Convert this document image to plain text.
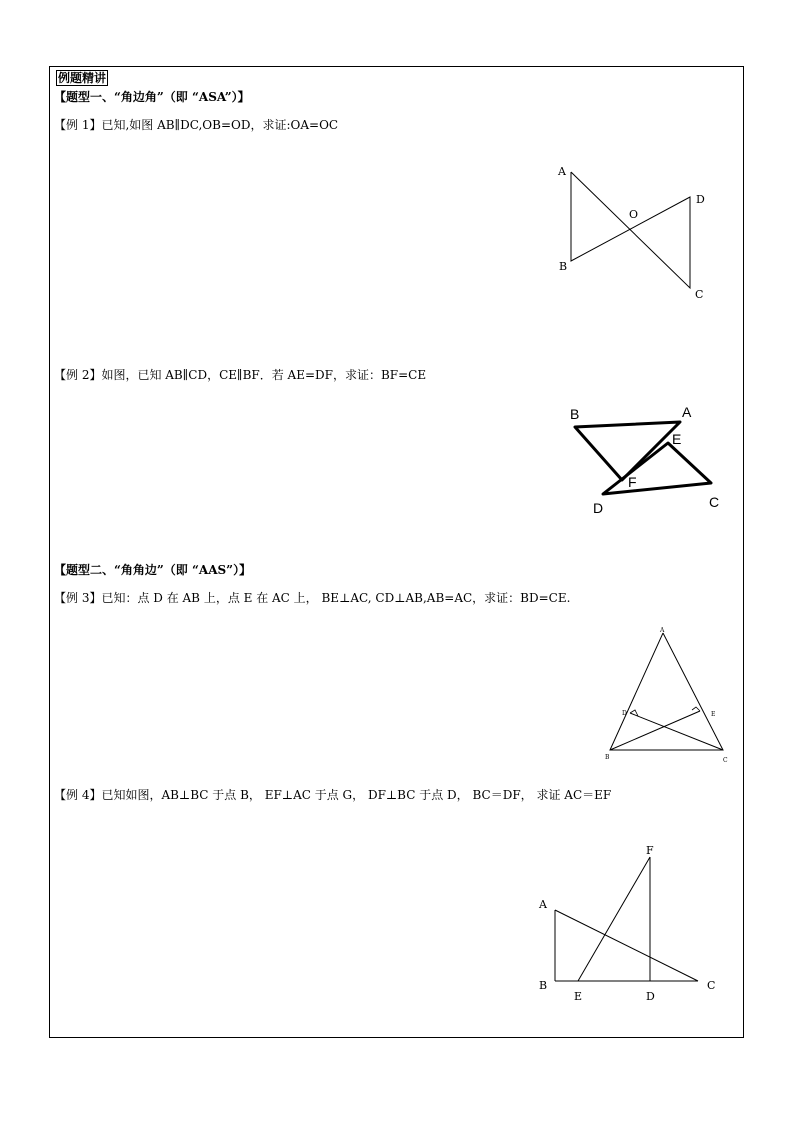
例题精讲
【题型一、“角边角”（即 “ASA”）】
【例 1】已知,如图 AB∥DC,OB=OD，求证:OA=OC
A
B
C
D
O
【例 2】如图，已知 AB∥CD，CE∥BF．若 AE=DF，求证：BF=CE
B	A
E
F
D	C
【题型二、“角角边”（即 “AAS”）】
【例 3】已知：点 D 在 AB 上，点 E 在 AC 上， BE⊥AC, CD⊥AB,AB=AC，求证：BD=CE.
A
B	C
D	E
【例 4】已知如图，AB⊥BC 于点 B， EF⊥AC 于点 G， DF⊥BC 于点 D， BC＝DF， 求证 AC＝EF
A
B	C
D
E
F
